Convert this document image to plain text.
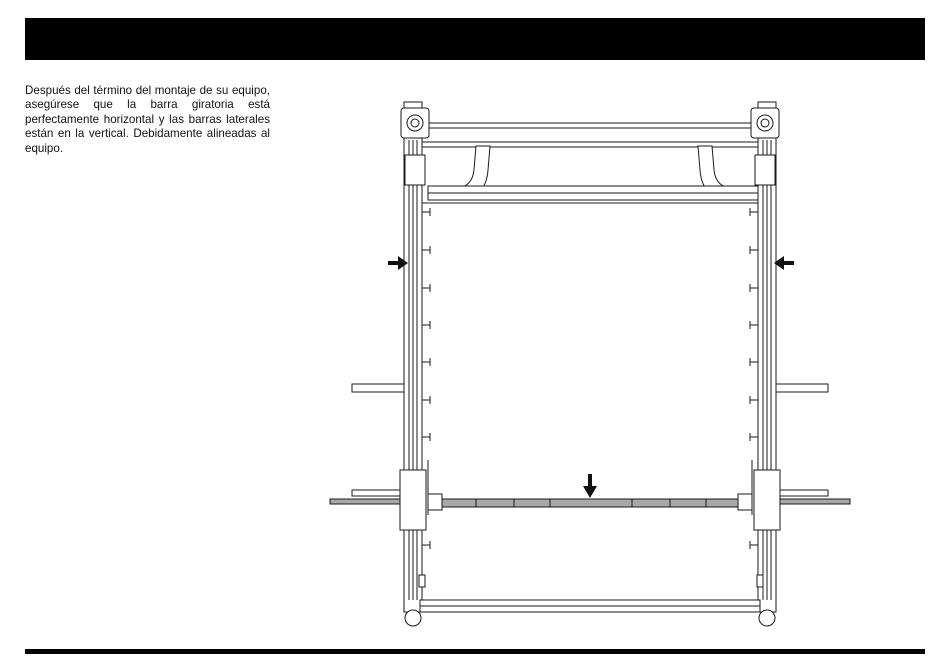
Después del término del montaje de su equipo, asegúrese que la barra giratoria está perfectamente horizontal y las barras laterales están en la vertical. Debidamente alineadas al equipo.
